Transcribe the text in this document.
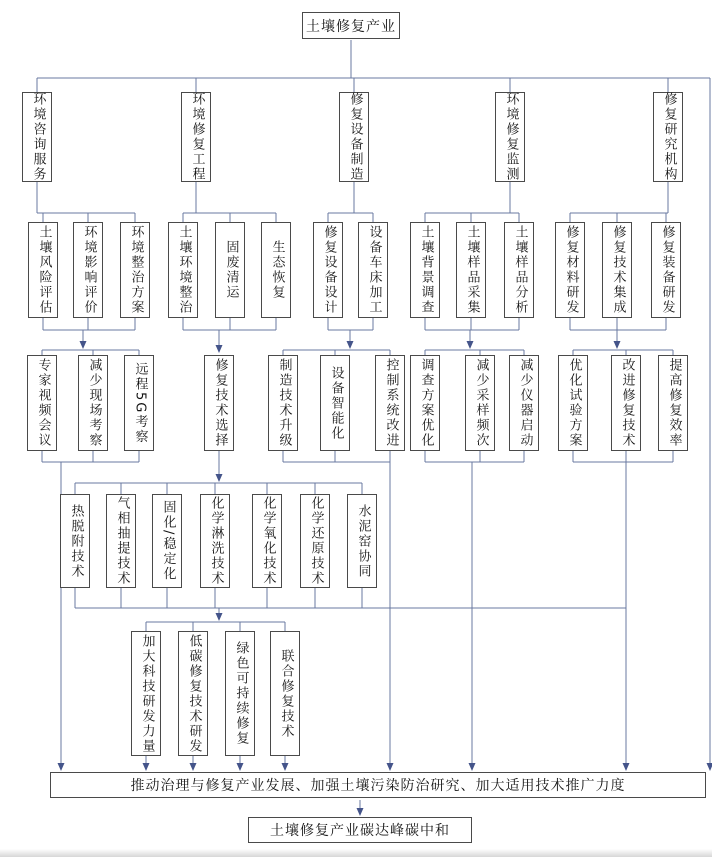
土壤修复产业
环境咨询服务	环境修复工程	修复设备制造	环境修复监测	修复研究机构
土壤风险评估 环境影响评价 环境整治方案	土壤环境整治 固废清运 生态恢复	修复设备设计 设备车床加工	土壤背景调查 土壤样品采集	土壤样品分析	修复材料研发 修复技术集成	修复装备研发
专家视频会议	减少现场考察 远程5G考察	修复技术选择	制造技术升级	设备智能化	控制系统改进 调查方案优化	减少采样频次 减少仪器启动	优化试验方案	改进修复技术 提高修复效率
热脱附技术 气相抽提技术 固化/稳定化	化学淋洗技术	化学氧化技术	化学还原技术 水泥窑协同
加大科技研发力量 低碳修复技术研发 绿色可持续修复 联合修复技术
推动治理与修复产业发展、加强土壤污染防治研究、加大适用技术推广力度
土壤修复产业碳达峰碳中和
